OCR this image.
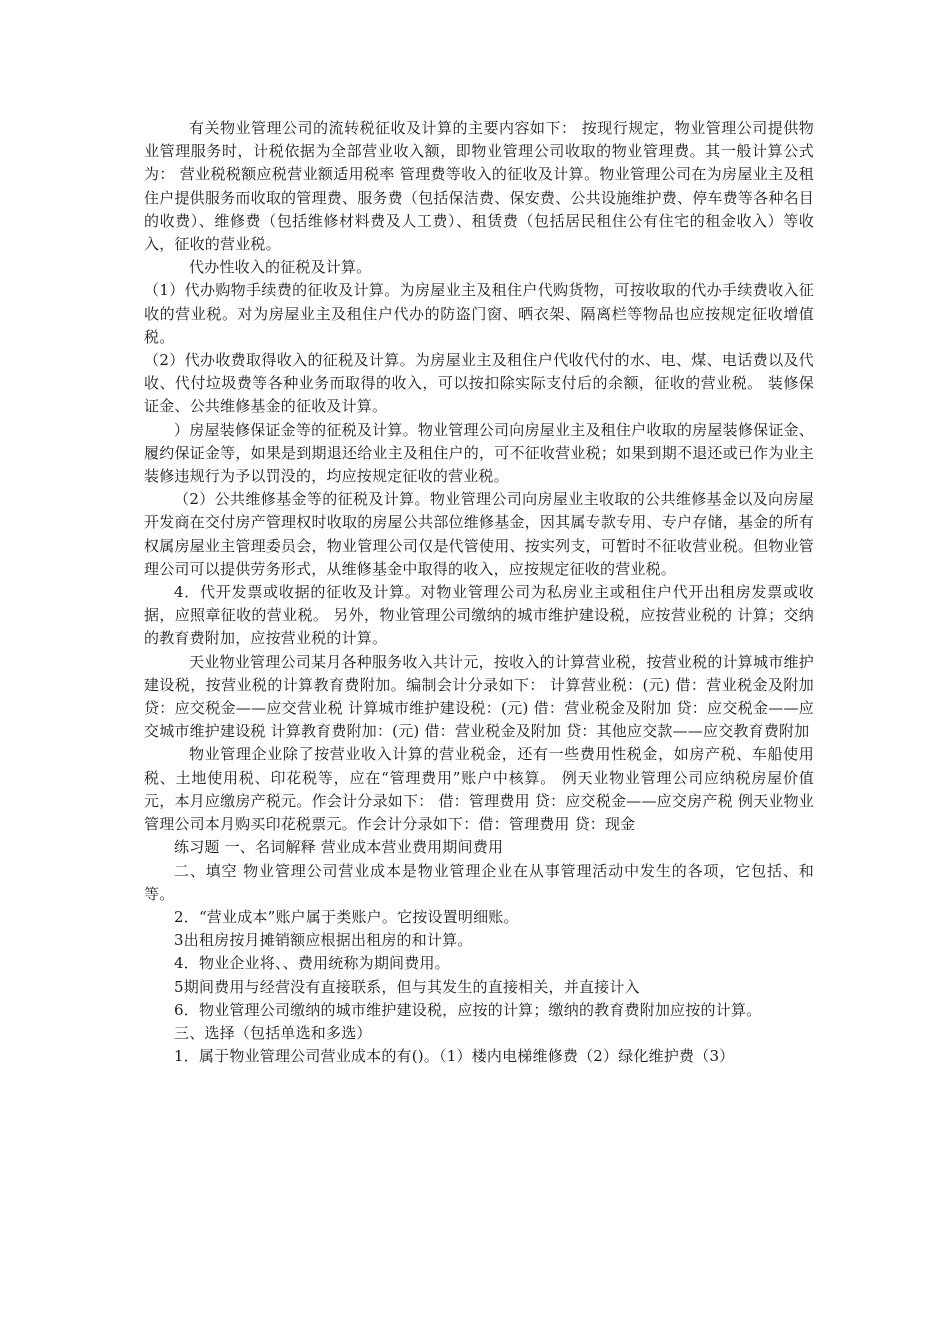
有关物业管理公司的流转税征收及计算的主要内容如下： 按现行规定，物业管理公司提供物业管理服务时，计税依据为全部营业收入额，即物业管理公司收取的物业管理费。其一般计算公式为： 营业税税额应税营业额适用税率 管理费等收入的征收及计算。物业管理公司在为房屋业主及租住户提供服务而收取的管理费、服务费（包括保洁费、保安费、公共设施维护费、停车费等各种名目的收费）、维修费（包括维修材料费及人工费）、租赁费（包括居民租住公有住宅的租金收入）等收入，征收的营业税。

代办性收入的征税及计算。

（1）代办购物手续费的征收及计算。为房屋业主及租住户代购货物，可按收取的代办手续费收入征收的营业税。对为房屋业主及租住户代办的防盗门窗、晒衣架、隔离栏等物品也应按规定征收增值税。

（2）代办收费取得收入的征税及计算。为房屋业主及租住户代收代付的水、电、煤、电话费以及代收、代付垃圾费等各种业务而取得的收入，可以按扣除实际支付后的余额，征收的营业税。 装修保证金、公共维修基金的征收及计算。

）房屋装修保证金等的征税及计算。物业管理公司向房屋业主及租住户收取的房屋装修保证金、履约保证金等，如果是到期退还给业主及租住户的，可不征收营业税；如果到期不退还或已作为业主装修违规行为予以罚没的，均应按规定征收的营业税。

（2）公共维修基金等的征税及计算。物业管理公司向房屋业主收取的公共维修基金以及向房屋开发商在交付房产管理权时收取的房屋公共部位维修基金，因其属专款专用、专户存储，基金的所有权属房屋业主管理委员会，物业管理公司仅是代管使用、按实列支，可暂时不征收营业税。但物业管理公司可以提供劳务形式，从维修基金中取得的收入，应按规定征收的营业税。

4．代开发票或收据的征收及计算。对物业管理公司为私房业主或租住户代开出租房发票或收据，应照章征收的营业税。 另外，物业管理公司缴纳的城市维护建设税，应按营业税的 计算；交纳的教育费附加，应按营业税的计算。

天业物业管理公司某月各种服务收入共计元，按收入的计算营业税，按营业税的计算城市维护建设税，按营业税的计算教育费附加。编制会计分录如下： 计算营业税：(元) 借：营业税金及附加 贷：应交税金——应交营业税 计算城市维护建设税：(元) 借：营业税金及附加 贷：应交税金——应交城市维护建设税 计算教育费附加：(元) 借：营业税金及附加 贷：其他应交款——应交教育费附加

物业管理企业除了按营业收入计算的营业税金，还有一些费用性税金，如房产税、车船使用税、土地使用税、印花税等，应在“管理费用”账户中核算。 例天业物业管理公司应纳税房屋价值元，本月应缴房产税元。作会计分录如下： 借：管理费用 贷：应交税金——应交房产税 例天业物业管理公司本月购买印花税票元。作会计分录如下：借：管理费用 贷：现金

练习题 一、名词解释 营业成本营业费用期间费用

二、填空 物业管理公司营业成本是物业管理企业在从事管理活动中发生的各项，它包括、和等。

2．“营业成本”账户属于类账户。它按设置明细账。

3出租房按月摊销额应根据出租房的和计算。

4．物业企业将、、费用统称为期间费用。

5期间费用与经营没有直接联系，但与其发生的直接相关，并直接计入

6．物业管理公司缴纳的城市维护建设税，应按的计算；缴纳的教育费附加应按的计算。

三、选择（包括单选和多选）

1．属于物业管理公司营业成本的有()。（1）楼内电梯维修费（2）绿化维护费（3）
